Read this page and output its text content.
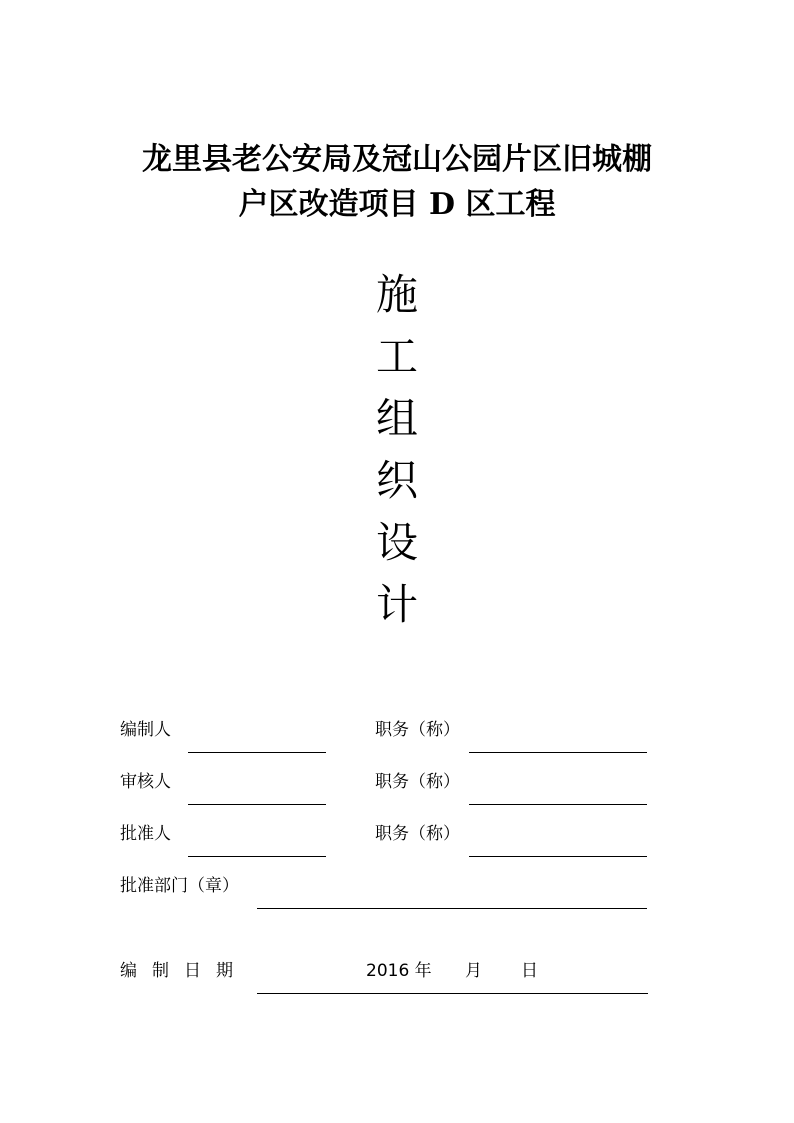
龙里县老公安局及冠山公园片区旧城棚
户区改造项目 D 区工程
施
工
组
织
设
计
编制人	职务（称）
审核人	职务（称）
批准人	职务（称）
批准部门（章）
编制日期	2016 年 月 日
